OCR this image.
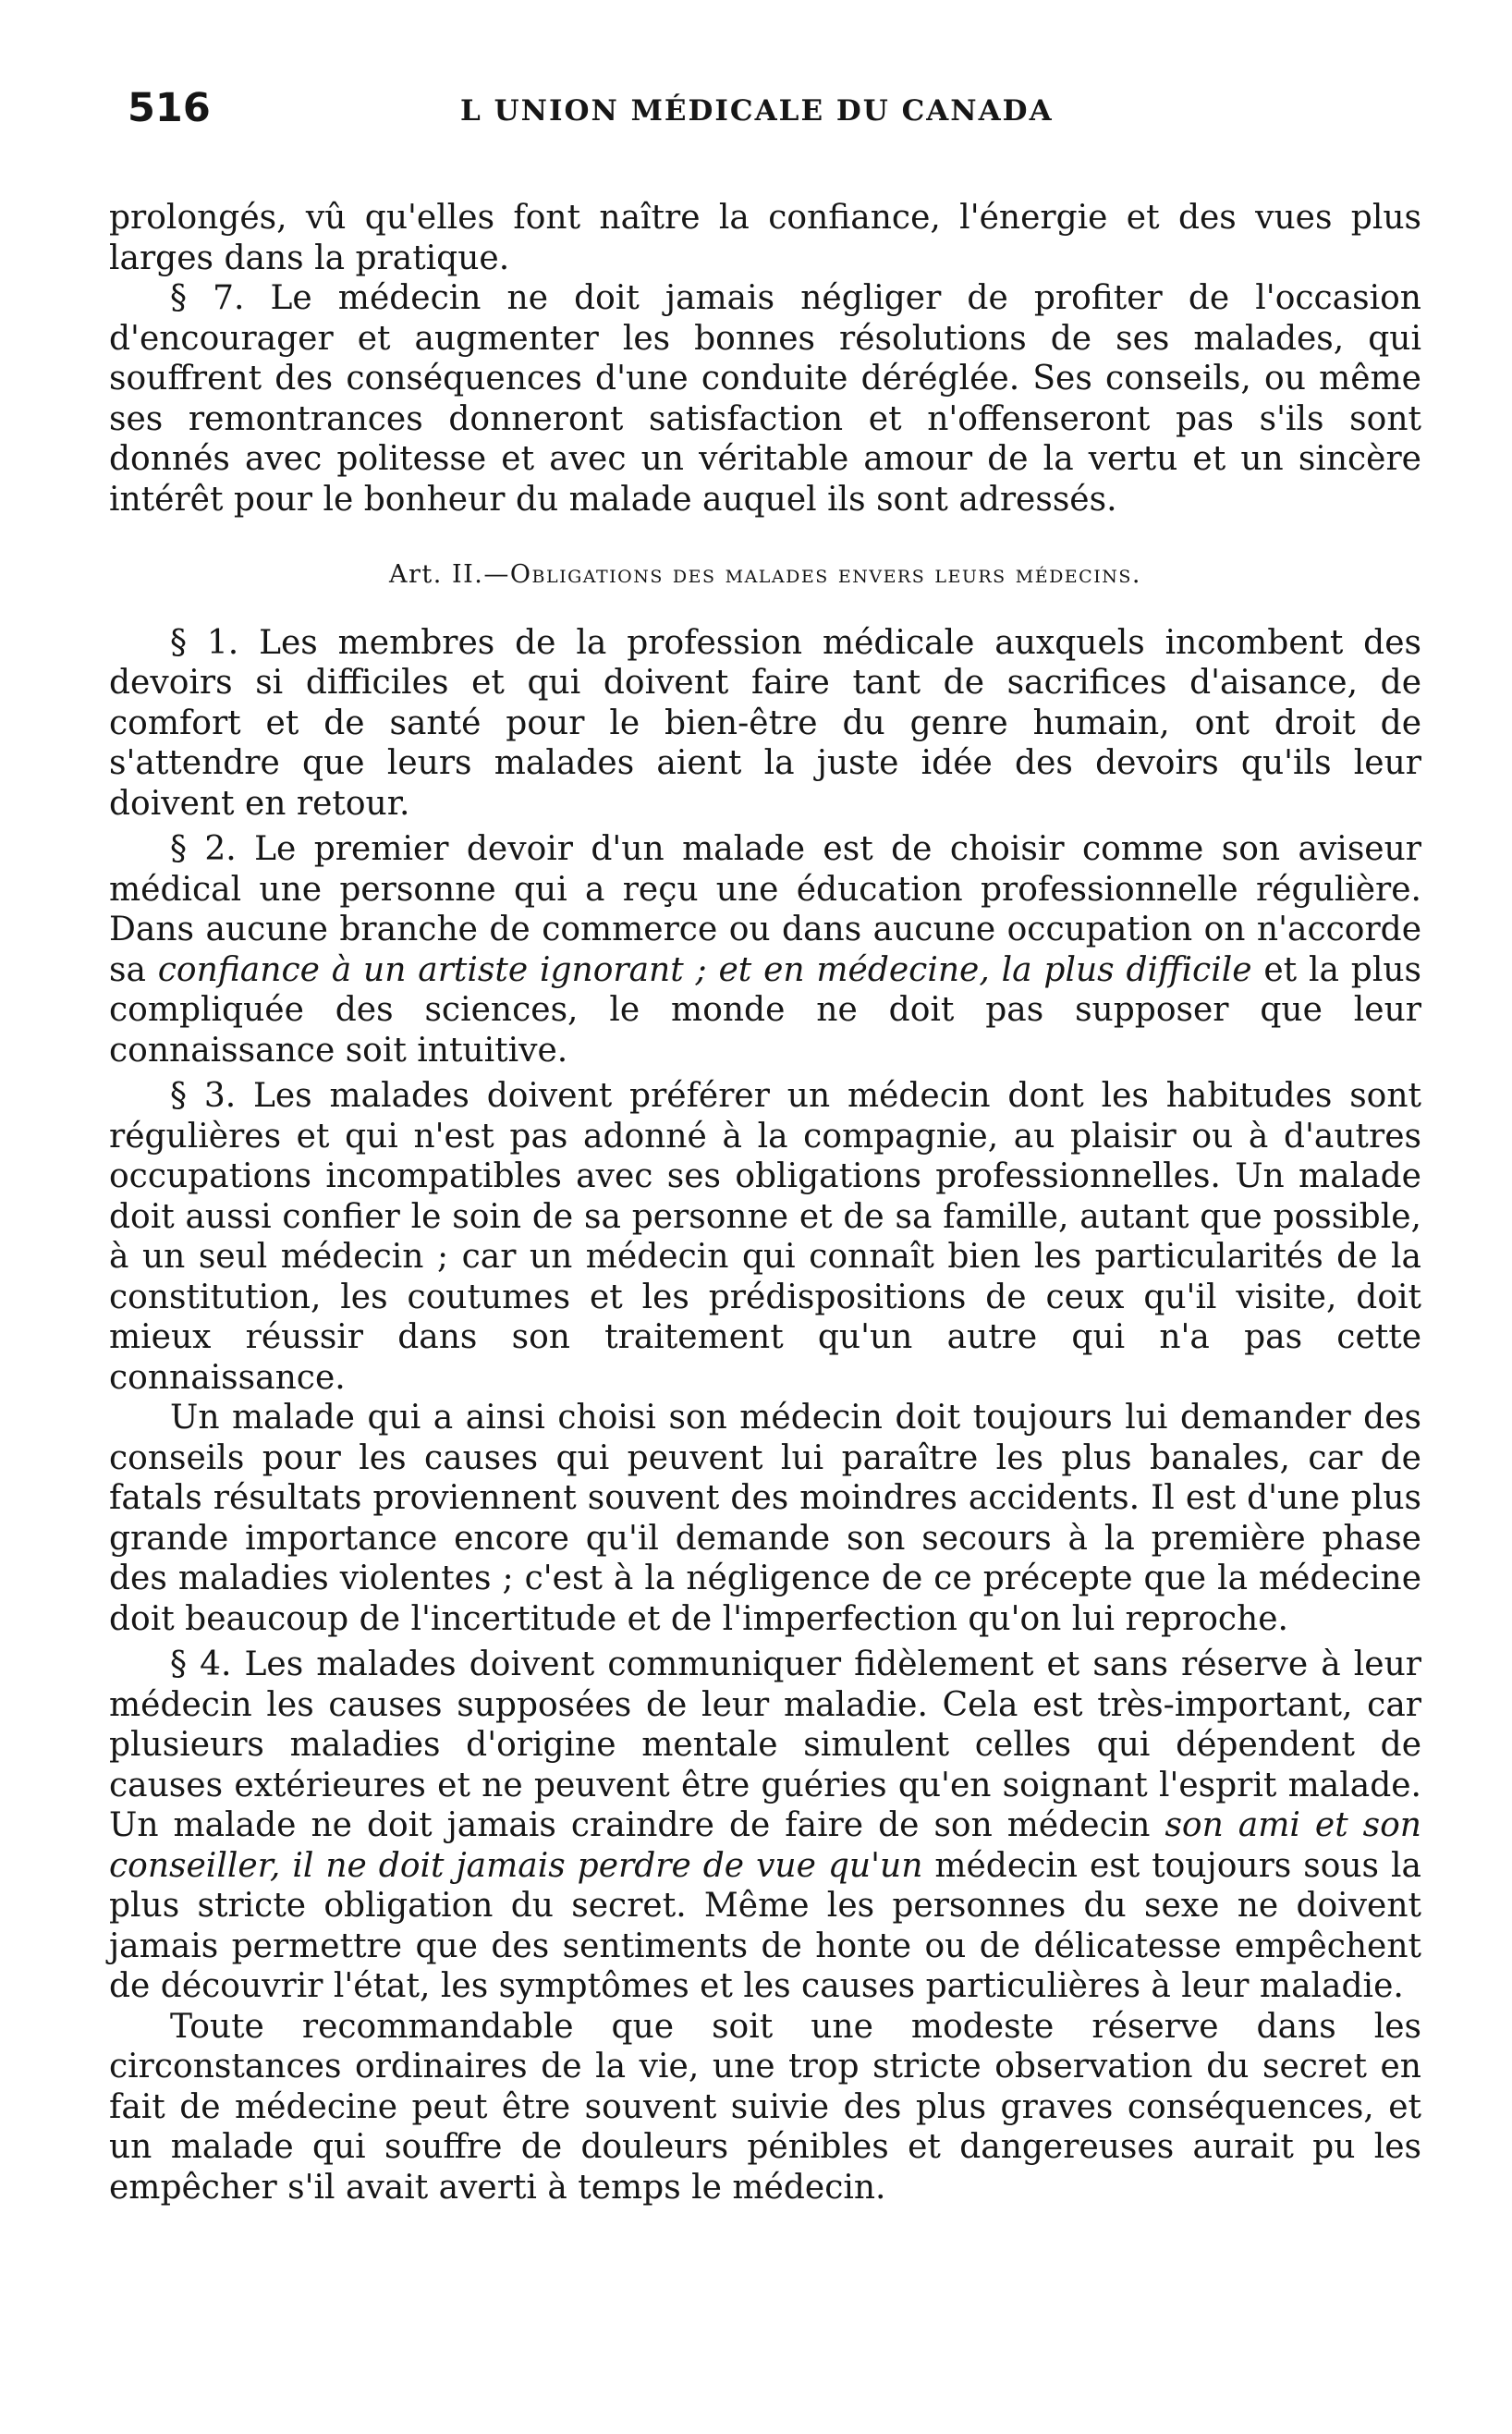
516	L UNION MÉDICALE DU CANADA

prolongés, vû qu'elles font naître la confiance, l'énergie et des vues plus larges dans la pratique.

§ 7. Le médecin ne doit jamais négliger de profiter de l'occasion d'encourager et augmenter les bonnes résolutions de ses malades, qui souffrent des conséquences d'une conduite déréglée. Ses conseils, ou même ses remontrances donneront satisfaction et n'offenseront pas s'ils sont donnés avec politesse et avec un véritable amour de la vertu et un sincère intérêt pour le bonheur du malade auquel ils sont adressés.

Art. II.—Obligations des malades envers leurs médecins.

§ 1. Les membres de la profession médicale auxquels incombent des devoirs si difficiles et qui doivent faire tant de sacrifices d'aisance, de comfort et de santé pour le bien-être du genre humain, ont droit de s'attendre que leurs malades aient la juste idée des devoirs qu'ils leur doivent en retour.

§ 2. Le premier devoir d'un malade est de choisir comme son aviseur médical une personne qui a reçu une éducation professionnelle régulière. Dans aucune branche de commerce ou dans aucune occupation on n'accorde sa confiance à un artiste ignorant ; et en médecine, la plus difficile et la plus compliquée des sciences, le monde ne doit pas supposer que leur connaissance soit intuitive.

§ 3. Les malades doivent préférer un médecin dont les habitudes sont régulières et qui n'est pas adonné à la compagnie, au plaisir ou à d'autres occupations incompatibles avec ses obligations professionnelles. Un malade doit aussi confier le soin de sa personne et de sa famille, autant que possible, à un seul médecin ; car un médecin qui connaît bien les particularités de la constitution, les coutumes et les prédispositions de ceux qu'il visite, doit mieux réussir dans son traitement qu'un autre qui n'a pas cette connaissance.

Un malade qui a ainsi choisi son médecin doit toujours lui demander des conseils pour les causes qui peuvent lui paraître les plus banales, car de fatals résultats proviennent souvent des moindres accidents. Il est d'une plus grande importance encore qu'il demande son secours à la première phase des maladies violentes ; c'est à la négligence de ce précepte que la médecine doit beaucoup de l'incertitude et de l'imperfection qu'on lui reproche.

§ 4. Les malades doivent communiquer fidèlement et sans réserve à leur médecin les causes supposées de leur maladie. Cela est très-important, car plusieurs maladies d'origine mentale simulent celles qui dépendent de causes extérieures et ne peuvent être guéries qu'en soignant l'esprit malade. Un malade ne doit jamais craindre de faire de son médecin son ami et son conseiller, il ne doit jamais perdre de vue qu'un médecin est toujours sous la plus stricte obligation du secret. Même les personnes du sexe ne doivent jamais permettre que des sentiments de honte ou de délicatesse empêchent de découvrir l'état, les symptômes et les causes particulières à leur maladie.

Toute recommandable que soit une modeste réserve dans les circonstances ordinaires de la vie, une trop stricte observation du secret en fait de médecine peut être souvent suivie des plus graves conséquences, et un malade qui souffre de douleurs pénibles et dangereuses aurait pu les empêcher s'il avait averti à temps le médecin.
